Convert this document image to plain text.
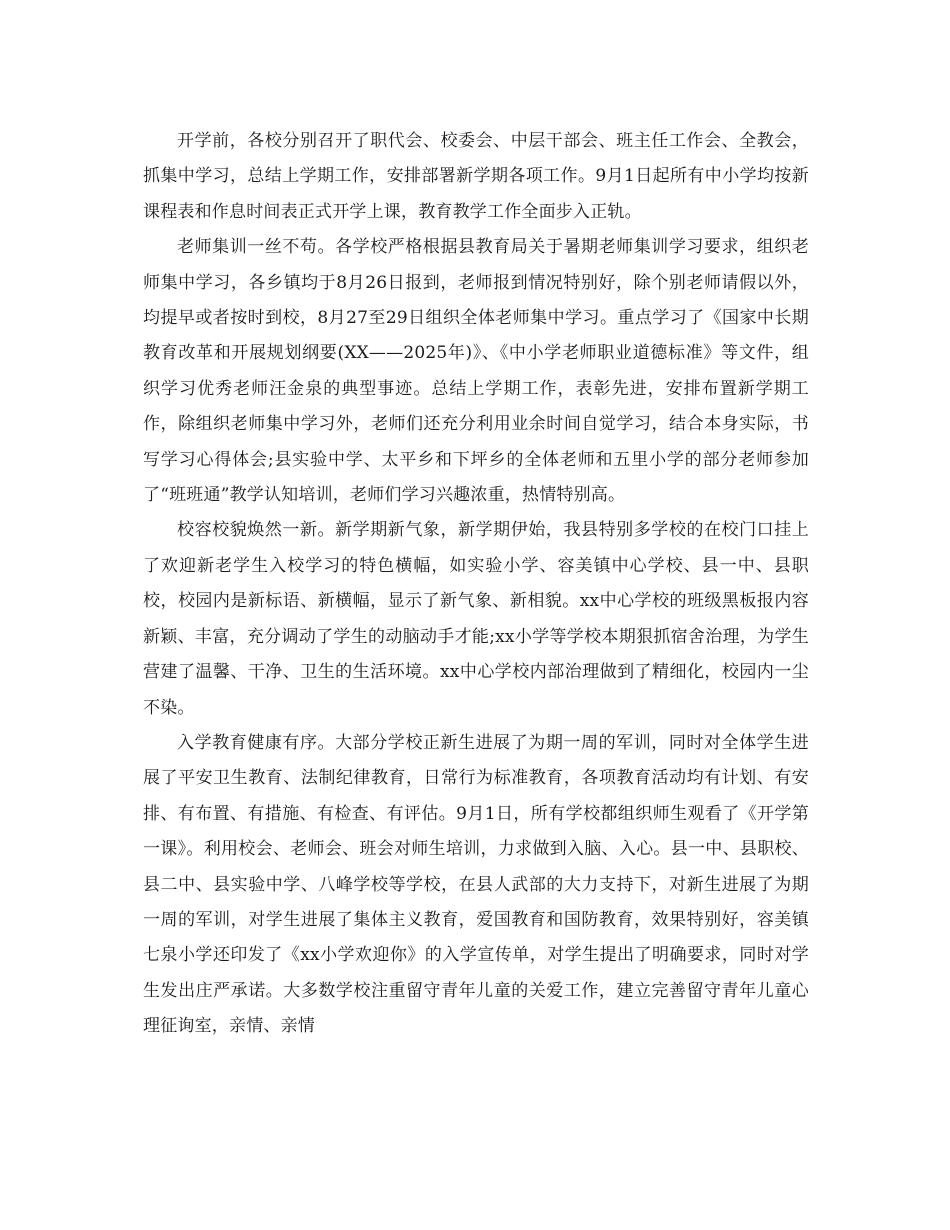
开学前，各校分别召开了职代会、校委会、中层干部会、班主任工作会、全教会，抓集中学习，总结上学期工作，安排部署新学期各项工作。9月1日起所有中小学均按新课程表和作息时间表正式开学上课，教育教学工作全面步入正轨。

老师集训一丝不苟。各学校严格根据县教育局关于暑期老师集训学习要求，组织老师集中学习，各乡镇均于8月26日报到，老师报到情况特别好，除个别老师请假以外，均提早或者按时到校，8月27至29日组织全体老师集中学习。重点学习了《国家中长期教育改革和开展规划纲要(XX——2025年)》、《中小学老师职业道德标准》等文件，组织学习优秀老师汪金泉的典型事迹。总结上学期工作，表彰先进，安排布置新学期工作，除组织老师集中学习外，老师们还充分利用业余时间自觉学习，结合本身实际，书写学习心得体会;县实验中学、太平乡和下坪乡的全体老师和五里小学的部分老师参加了“班班通”教学认知培训，老师们学习兴趣浓重，热情特别高。

校容校貌焕然一新。新学期新气象，新学期伊始，我县特别多学校的在校门口挂上了欢迎新老学生入校学习的特色横幅，如实验小学、容美镇中心学校、县一中、县职校，校园内是新标语、新横幅，显示了新气象、新相貌。xx中心学校的班级黑板报内容新颖、丰富，充分调动了学生的动脑动手才能;xx小学等学校本期狠抓宿舍治理，为学生营建了温馨、干净、卫生的生活环境。xx中心学校内部治理做到了精细化，校园内一尘不染。

入学教育健康有序。大部分学校正新生进展了为期一周的军训，同时对全体学生进展了平安卫生教育、法制纪律教育，日常行为标准教育，各项教育活动均有计划、有安排、有布置、有措施、有检查、有评估。9月1日，所有学校都组织师生观看了《开学第一课》。利用校会、老师会、班会对师生培训，力求做到入脑、入心。县一中、县职校、县二中、县实验中学、八峰学校等学校，在县人武部的大力支持下，对新生进展了为期一周的军训，对学生进展了集体主义教育，爱国教育和国防教育，效果特别好，容美镇七泉小学还印发了《xx小学欢迎你》的入学宣传单，对学生提出了明确要求，同时对学生发出庄严承诺。大多数学校注重留守青年儿童的关爱工作，建立完善留守青年儿童心理征询室，亲情、亲情
